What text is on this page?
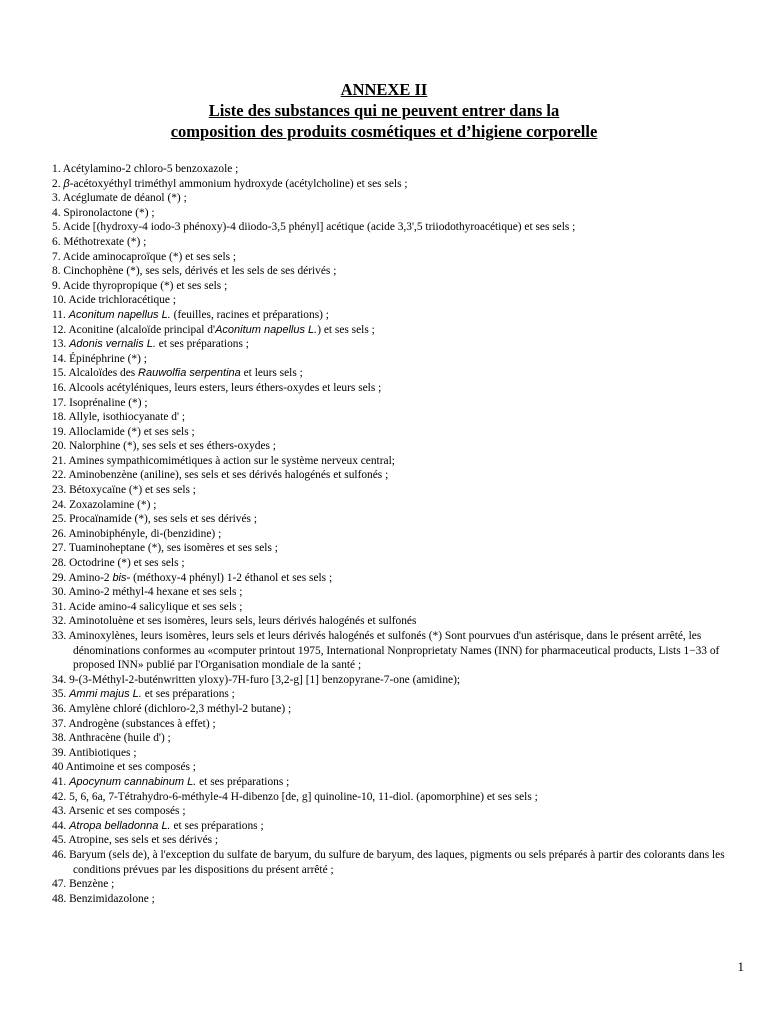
ANNEXE II
Liste des substances qui ne peuvent entrer dans la
composition des produits cosmétiques et d’higiene corporelle
1. Acétylamino-2 chloro-5 benzoxazole ;
2. β-acétoxyéthyl triméthyl ammonium hydroxyde (acétylcholine) et ses sels ;
3. Acéglumate de déanol (*) ;
4. Spironolactone (*) ;
5. Acide [(hydroxy-4 iodo-3 phénoxy)-4 diiodo-3,5 phényl] acétique (acide 3,3',5 triiodothyroacétique) et ses sels ;
6. Méthotrexate (*) ;
7. Acide aminocaproïque (*) et ses sels ;
8. Cinchophène (*), ses sels, dérivés et les sels de ses dérivés ;
9. Acide thyropropique (*) et ses sels ;
10. Acide trichloracétique ;
11. Aconitum napellus L. (feuilles, racines et préparations) ;
12. Aconitine (alcaloïde principal d'Aconitum napellus L.) et ses sels ;
13. Adonis vernalis L. et ses préparations ;
14. Épinéphrine (*) ;
15. Alcaloïdes des Rauwolfia serpentina et leurs sels ;
16. Alcools acétyléniques, leurs esters, leurs éthers-oxydes et leurs sels ;
17. Isoprénaline (*) ;
18. Allyle, isothiocyanate d' ;
19. Alloclamide (*) et ses sels ;
20. Nalorphine (*), ses sels et ses éthers-oxydes ;
21. Amines sympathicomimétiques à action sur le système nerveux central;
22. Aminobenzène (aniline), ses sels et ses dérivés halogénés et sulfonés ;
23. Bétoxycaïne (*) et ses sels ;
24. Zoxazolamine (*) ;
25. Procaïnamide (*), ses sels et ses dérivés ;
26. Aminobiphényle, di-(benzidine) ;
27. Tuaminoheptane (*), ses isomères et ses sels ;
28. Octodrine (*) et ses sels ;
29. Amino-2 bis- (méthoxy-4 phényl) 1-2 éthanol et ses sels ;
30. Amino-2 méthyl-4 hexane et ses sels ;
31. Acide amino-4 salicylique et ses sels ;
32. Aminotoluène et ses isomères, leurs sels, leurs dérivés halogénés et sulfonés
33. Aminoxylènes, leurs isomères, leurs sels et leurs dérivés halogénés et sulfonés (*) Sont pourvues d'un astérisque, dans le présent arrêté, les dénominations conformes au «computer printout 1975, International Nonproprietaty Names (INN) for pharmaceutical products, Lists 1−33 of proposed INN» publié par l'Organisation mondiale de la santé ;
34. 9-(3-Méthyl-2-buténwritten yloxy)-7H-furo [3,2-g] [1] benzopyrane-7-one (amidine);
35. Ammi majus L. et ses préparations ;
36. Amylène chloré (dichloro-2,3 méthyl-2 butane) ;
37. Androgène (substances à effet) ;
38. Anthracène (huile d') ;
39. Antibiotiques ;
40 Antimoine et ses composés ;
41. Apocynum cannabinum L. et ses préparations ;
42. 5, 6, 6a, 7-Tétrahydro-6-méthyle-4 H-dibenzo [de, g] quinoline-10, 11-diol. (apomorphine) et ses sels ;
43. Arsenic et ses composés ;
44. Atropa belladonna L. et ses préparations ;
45. Atropine, ses sels et ses dérivés ;
46. Baryum (sels de), à l'exception du sulfate de baryum, du sulfure de baryum, des laques, pigments ou sels préparés à partir des colorants dans les conditions prévues par les dispositions du présent arrêté ;
47. Benzène ;
48. Benzimidazolone ;
1
